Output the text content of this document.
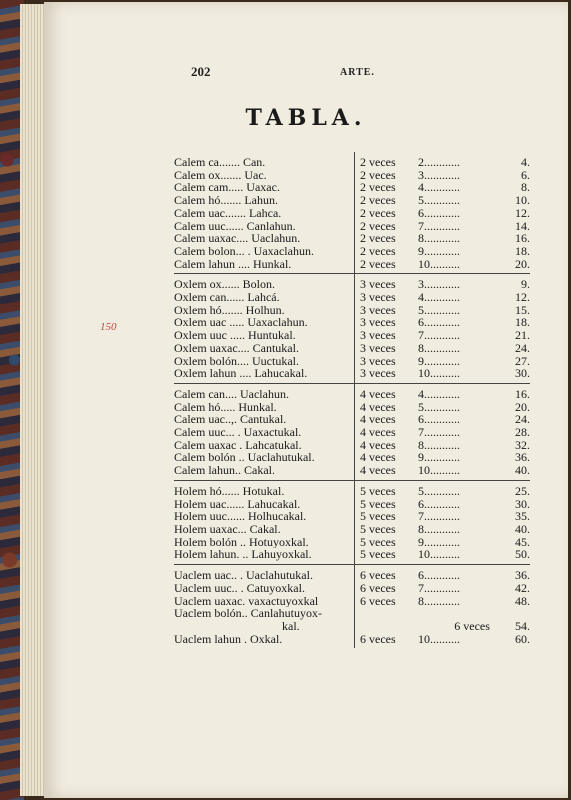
202	ARTE.
TABLA.
150
Calem ca....... Can.	2 veces	2............	4.
Calem ox....... Uac.	2 veces	3............	6.
Calem cam..... Uaxac.	2 veces	4............	8.
Calem hó....... Lahun.	2 veces	5............	10.
Calem uac....... Lahca.	2 veces	6............	12.
Calem uuc...... Canlahun.	2 veces	7............	14.
Calem uaxac.... Uaclahun.	2 veces	8............	16.
Calem bolon... . Uaxaclahun.	2 veces	9............	18.
Calem lahun .... Hunkal.	2 veces	10..........	20.
Oxlem ox...... Bolon.	3 veces	3............	9.
Oxlem can...... Lahcá.	3 veces	4............	12.
Oxlem hó....... Holhun.	3 veces	5............	15.
Oxlem uac ..... Uaxaclahun.	3 veces	6............	18.
Oxlem uuc ..... Huntukal.	3 veces	7............	21.
Oxlem uaxac.... Cantukal.	3 veces	8............	24.
Oxlem bolón.... Uuctukal.	3 veces	9............	27.
Oxlem lahun .... Lahucakal.	3 veces	10..........	30.
Calem can.... Uaclahun.	4 veces	4............	16.
Calem hó..... Hunkal.	4 veces	5............	20.
Calem uac..,. Cantukal.	4 veces	6............	24.
Calem uuc... . Uaxactukal.	4 veces	7............	28.
Calem uaxac . Lahcatukal.	4 veces	8............	32.
Calem bolón .. Uaclahutukal.	4 veces	9............	36.
Calem lahun.. Cakal.	4 veces	10..........	40.
Holem hó...... Hotukal.	5 veces	5............	25.
Holem uac...... Lahucakal.	5 veces	6............	30.
Holem uuc...... Holhucakal.	5 veces	7............	35.
Holem uaxac... Cakal.	5 veces	8............	40.
Holem bolón .. Hotuyoxkal.	5 veces	9............	45.
Holem lahun. .. Lahuyoxkal.	5 veces	10..........	50.
Uaclem uac.. . Uaclahutukal.	6 veces	6............	36.
Uaclem uuc.. . Catuyoxkal.	6 veces	7............	42.
Uaclem uaxac. vaxactuyoxkal	6 veces	8............	48.
Uaclem bolón.. Canlahutuyox-
kal.	6 veces	54.
Uaclem lahun . Oxkal.	6 veces	10..........	60.
